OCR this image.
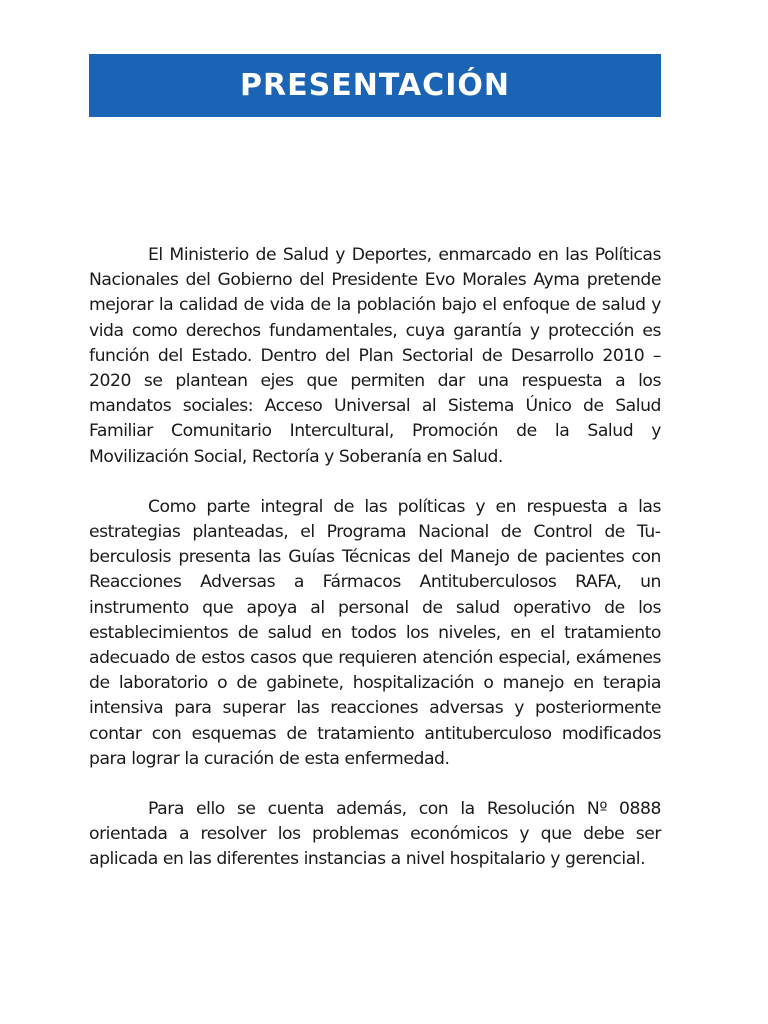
PRESENTACIÓN

El Ministerio de Salud y Deportes, enmarcado en las Políticas Nacionales del Gobierno del Presidente Evo Morales Ayma pretende mejorar la calidad de vida de la población bajo el enfoque de salud y vida como derechos fundamentales, cuya garantía y protección es función del Estado. Dentro del Plan Sectorial de Desarrollo 2010 – 2020 se plantean ejes que permiten dar una respuesta a los mandatos sociales: Acceso Universal al Sistema Único de Salud Familiar Comunitario Intercultural, Promoción de la Salud y Movilización Social, Rectoría y Soberanía en Salud.

Como parte integral de las políticas y en respuesta a las estrategias planteadas, el Programa Nacional de Control de Tuberculosis presenta las Guías Técnicas del Manejo de pacientes con Reacciones Adversas a Fármacos Antituberculosos RAFA, un instrumento que apoya al personal de salud operativo de los establecimientos de salud en todos los niveles, en el tratamiento adecuado de estos casos que requieren atención especial, exámenes de laboratorio o de gabinete, hospitalización o manejo en terapia intensiva para superar las reacciones adversas y posteriormente contar con esquemas de tratamiento antituberculoso modificados para lograr la curación de esta enfermedad.

Para ello se cuenta además, con la Resolución Nº 0888 orientada a resolver los problemas económicos y que debe ser aplicada en las diferentes instancias a nivel hospitalario y gerencial.
